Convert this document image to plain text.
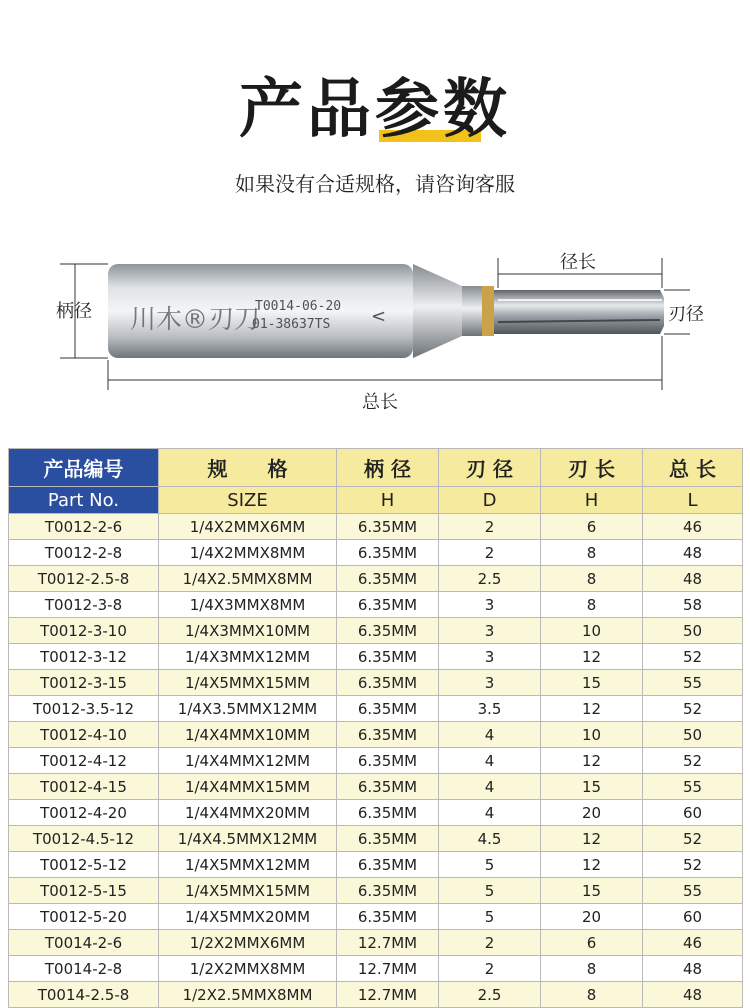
产品参数
如果没有合适规格，请咨询客服
川木®刃刀
T0014-06-20
01-38637TS <
柄径
径长
刃径
总长
产品编号	规　　格	柄 径	刃 径	刃 长	总 长
Part No.	SIZE	H	D	H	L
T0012-2-6	1/4X2MMX6MM	6.35MM	2	6	46
T0012-2-8	1/4X2MMX8MM	6.35MM	2	8	48
T0012-2.5-8	1/4X2.5MMX8MM	6.35MM	2.5	8	48
T0012-3-8	1/4X3MMX8MM	6.35MM	3	8	58
T0012-3-10	1/4X3MMX10MM	6.35MM	3	10	50
T0012-3-12	1/4X3MMX12MM	6.35MM	3	12	52
T0012-3-15	1/4X5MMX15MM	6.35MM	3	15	55
T0012-3.5-12	1/4X3.5MMX12MM	6.35MM	3.5	12	52
T0012-4-10	1/4X4MMX10MM	6.35MM	4	10	50
T0012-4-12	1/4X4MMX12MM	6.35MM	4	12	52
T0012-4-15	1/4X4MMX15MM	6.35MM	4	15	55
T0012-4-20	1/4X4MMX20MM	6.35MM	4	20	60
T0012-4.5-12	1/4X4.5MMX12MM	6.35MM	4.5	12	52
T0012-5-12	1/4X5MMX12MM	6.35MM	5	12	52
T0012-5-15	1/4X5MMX15MM	6.35MM	5	15	55
T0012-5-20	1/4X5MMX20MM	6.35MM	5	20	60
T0014-2-6	1/2X2MMX6MM	12.7MM	2	6	46
T0014-2-8	1/2X2MMX8MM	12.7MM	2	8	48
T0014-2.5-8	1/2X2.5MMX8MM	12.7MM	2.5	8	48
